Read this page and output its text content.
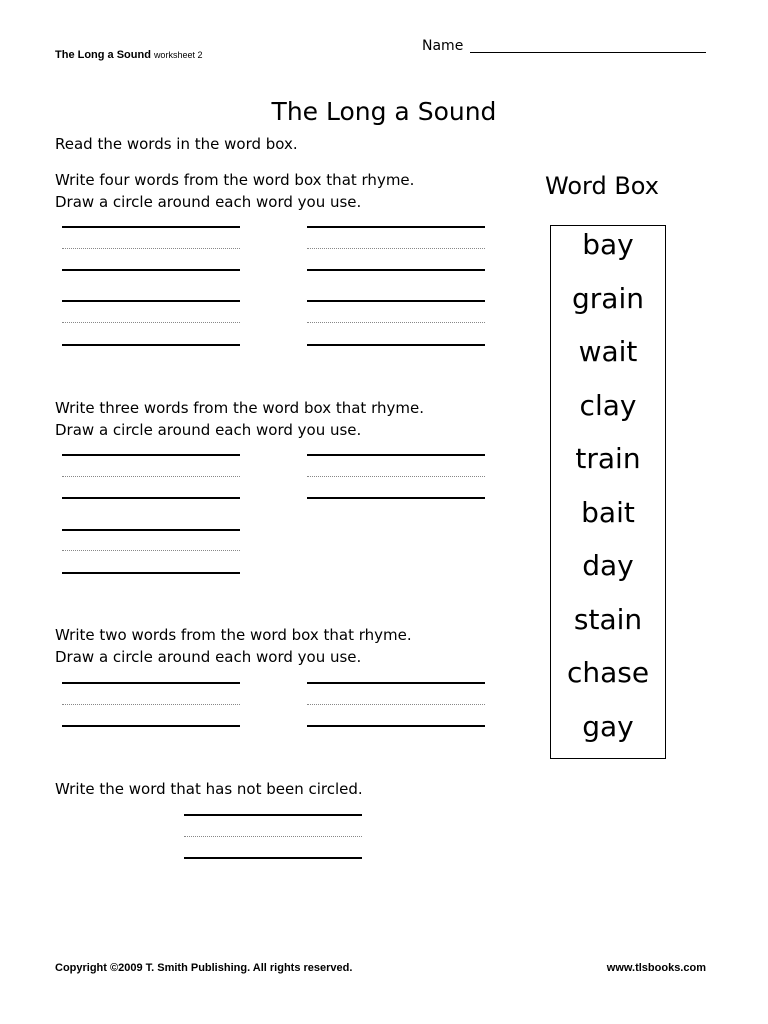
The Long a Sound worksheet 2
Name
The Long a Sound
Read the words in the word box.
Write four words from the word box that rhyme.
Draw a circle around each word you use.
Write three words from the word box that rhyme.
Draw a circle around each word you use.
Write two words from the word box that rhyme.
Draw a circle around each word you use.
Write the word that has not been circled.
Word Box
bay
grain
wait
clay
train
bait
day
stain
chase
gay
Copyright ©2009 T. Smith Publishing. All rights reserved.	www.tlsbooks.com
